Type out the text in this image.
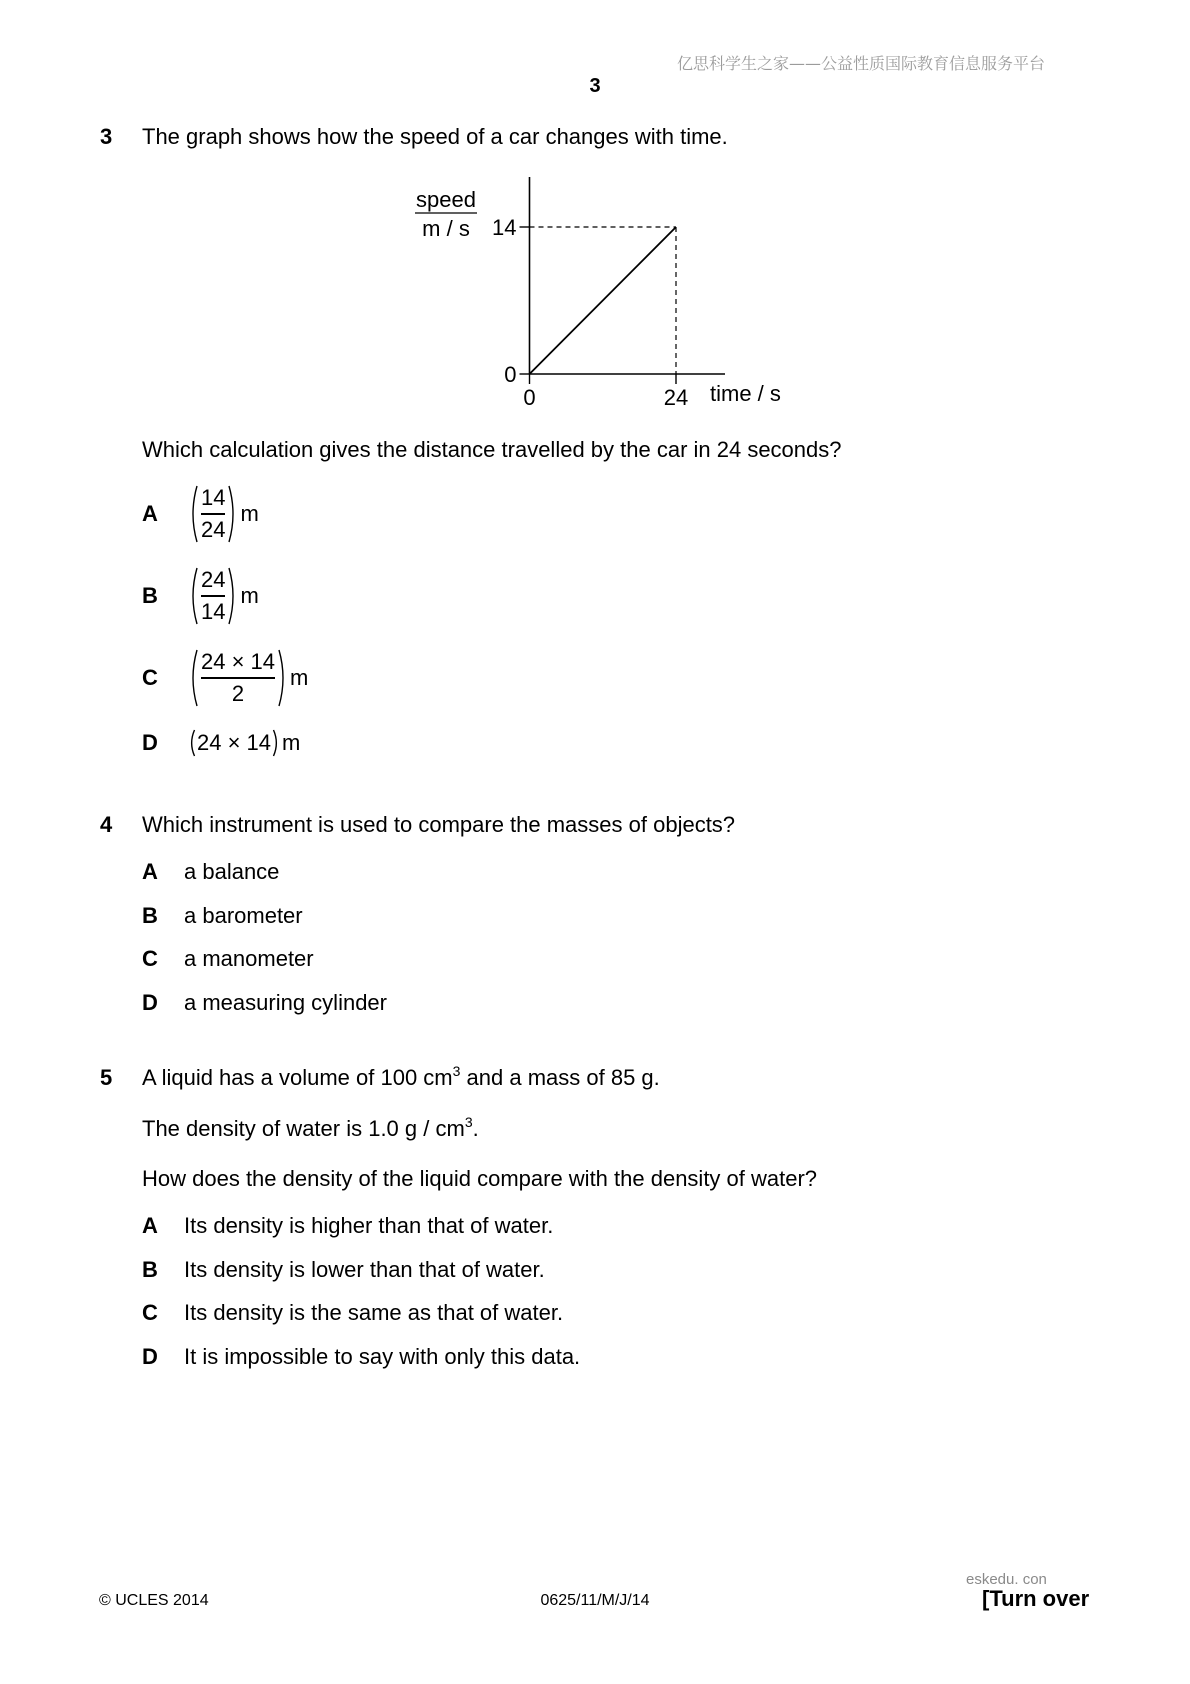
亿思科学生之家——公益性质国际教育信息服务平台
3
3 The graph shows how the speed of a car changes with time.
speed
m / s
time / s
0	24
0
14
Which calculation gives the distance travelled by the car in 24 seconds?
A	$\frac{14}{24}$ m
B	$\frac{24}{14}$ m
C	$\frac{24 \times 14}{2}$ m
D	24 × 14 m
4 Which instrument is used to compare the masses of objects?
A a balance
B a barometer
C a manometer
D a measuring cylinder
5 A liquid has a volume of 100 $cm^3$ and a mass of 85 g.
The density of water is 1.0 g / $cm^3$.
How does the density of the liquid compare with the density of water?
A Its density is higher than that of water.
B Its density is lower than that of water.
C Its density is the same as that of water.
D It is impossible to say with only this data.
© UCLES 2014	0625/11/M/J/14
eskedu. con
[Turn over
